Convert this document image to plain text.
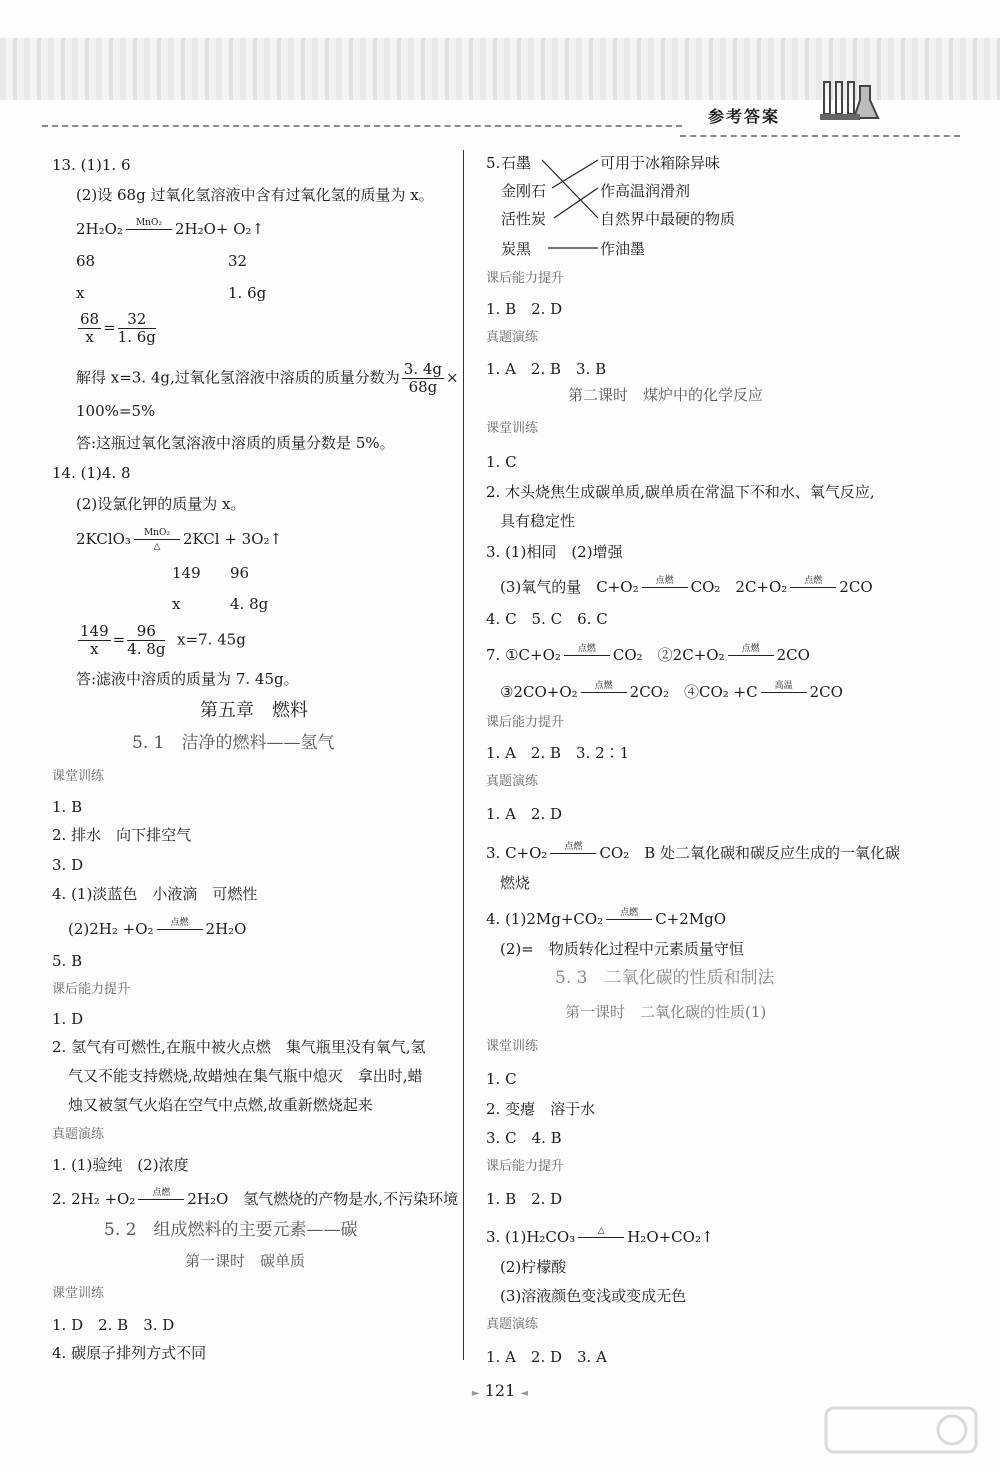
参考答案
13. (1)1. 6
(2)设 68g 过氧化氢溶液中含有过氧化氢的质量为 x。
2H₂O₂	MnO₂ 2H₂O+ O₂↑
68	32
x	1. 6g
$\frac{68}{x} = \frac{32}{1. 6g}$
解得 x=3. 4g,过氧化氢溶液中溶质的质量分数为 $\frac{3. 4g}{68g}$ ×
100%=5%
答:这瓶过氧化氢溶液中溶质的质量分数是 5%。
14. (1)4. 8
(2)设氯化钾的质量为 x。
2KClO₃	MnO₂
△	2KCl + 3O₂↑
149 96
x	4. 8g
$\frac{149}{x} = \frac{96}{4. 8g} x=7$. 45g
答:滤液中溶质的质量为 7. 45g。
第五章　燃料
5. 1　洁净的燃料——氢气
课堂训练
1. B
2. 排水　向下排空气
3. D
4. (1)淡蓝色　小液滴　可燃性
(2)2H₂ +O₂	点燃	2H₂O
5. B
课后能力提升
1. D
2. 氢气有可燃性,在瓶中被火点燃　集气瓶里没有氧气,氢
气又不能支持燃烧,故蜡烛在集气瓶中熄灭　拿出时,蜡
烛又被氢气火焰在空气中点燃,故重新燃烧起来
真题演练
1. (1)验纯　(2)浓度
2. 2H₂ +O₂	点燃	2H₂O　氢气燃烧的产物是水,不污染环境
5. 2　组成燃料的主要元素——碳
第一课时　碳单质
课堂训练
1. D　2. B　3. D
4. 碳原子排列方式不同
5. 石墨
金刚石
活性炭
炭黑
可用于冰箱除异味
作高温润滑剂
自然界中最硬的物质
作油墨
课后能力提升
1. B　2. D
真题演练
1. A　2. B　3. B
第二课时　煤炉中的化学反应
课堂训练
1. C
2. 木头烧焦生成碳单质,碳单质在常温下不和水、氧气反应,
具有稳定性
3. (1)相同　(2)增强
(3)氧气的量　C+O₂	点燃	CO₂　2C+O₂	点燃	2CO
4. C　5. C　6. C
7. ①C+O₂	点燃	CO₂　②2C+O₂	点燃	2CO
③2CO+O₂	点燃	2CO₂　④CO₂ +C	高温	2CO
课后能力提升
1. A　2. B　3. 2∶1
真题演练
1. A　2. D
3. C+O₂	点燃	CO₂　B 处二氧化碳和碳反应生成的一氧化碳
燃烧
4. (1)2Mg+CO₂	点燃	C+2MgO
(2)=　物质转化过程中元素质量守恒
5. 3　二氧化碳的性质和制法
第一课时　二氧化碳的性质(1)
课堂训练
1. C
2. 变瘪　溶于水
3. C　4. B
课后能力提升
1. B　2. D
3. (1)H₂CO₃	△	H₂O+CO₂↑
(2)柠檬酸
(3)溶液颜色变浅或变成无色
真题演练
1. A　2. D　3. A
► 121 ◄
